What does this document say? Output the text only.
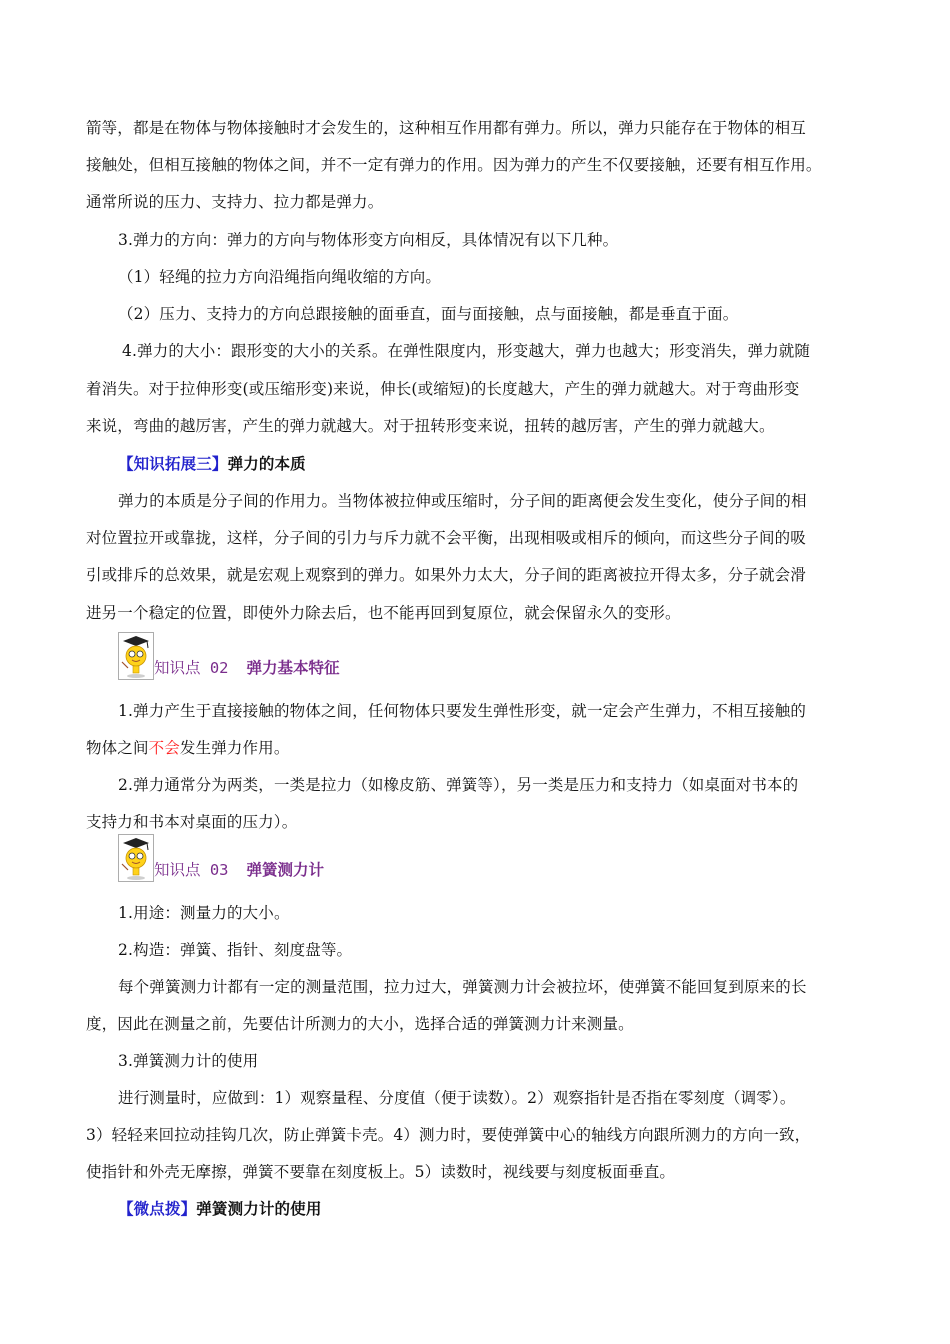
箭等，都是在物体与物体接触时才会发生的，这种相互作用都有弹力。所以，弹力只能存在于物体的相互
接触处，但相互接触的物体之间，并不一定有弹力的作用。因为弹力的产生不仅要接触，还要有相互作用。
通常所说的压力、支持力、拉力都是弹力。
3.弹力的方向：弹力的方向与物体形变方向相反，具体情况有以下几种。
（1）轻绳的拉力方向沿绳指向绳收缩的方向。
（2）压力、支持力的方向总跟接触的面垂直，面与面接触，点与面接触，都是垂直于面。
4.弹力的大小：跟形变的大小的关系。在弹性限度内，形变越大，弹力也越大；形变消失，弹力就随
着消失。对于拉伸形变(或压缩形变)来说，伸长(或缩短)的长度越大，产生的弹力就越大。对于弯曲形变
来说，弯曲的越厉害，产生的弹力就越大。对于扭转形变来说，扭转的越厉害，产生的弹力就越大。
【知识拓展三】弹力的本质
弹力的本质是分子间的作用力。当物体被拉伸或压缩时，分子间的距离便会发生变化，使分子间的相
对位置拉开或靠拢，这样，分子间的引力与斥力就不会平衡，出现相吸或相斥的倾向，而这些分子间的吸
引或排斥的总效果，就是宏观上观察到的弹力。如果外力太大，分子间的距离被拉开得太多，分子就会滑
进另一个稳定的位置，即使外力除去后，也不能再回到复原位，就会保留永久的变形。
知识点 02 弹力基本特征
1.弹力产生于直接接触的物体之间，任何物体只要发生弹性形变，就一定会产生弹力，不相互接触的
物体之间不会发生弹力作用。
2.弹力通常分为两类，一类是拉力（如橡皮筋、弹簧等），另一类是压力和支持力（如桌面对书本的
支持力和书本对桌面的压力）。
知识点 03 弹簧测力计
1.用途：测量力的大小。
2.构造：弹簧、指针、刻度盘等。
每个弹簧测力计都有一定的测量范围，拉力过大，弹簧测力计会被拉坏，使弹簧不能回复到原来的长
度，因此在测量之前，先要估计所测力的大小，选择合适的弹簧测力计来测量。
3.弹簧测力计的使用
进行测量时，应做到：1）观察量程、分度值（便于读数）。2）观察指针是否指在零刻度（调零）。
3）轻轻来回拉动挂钩几次，防止弹簧卡壳。4）测力时，要使弹簧中心的轴线方向跟所测力的方向一致，
使指针和外壳无摩擦，弹簧不要靠在刻度板上。5）读数时，视线要与刻度板面垂直。
【微点拨】弹簧测力计的使用
